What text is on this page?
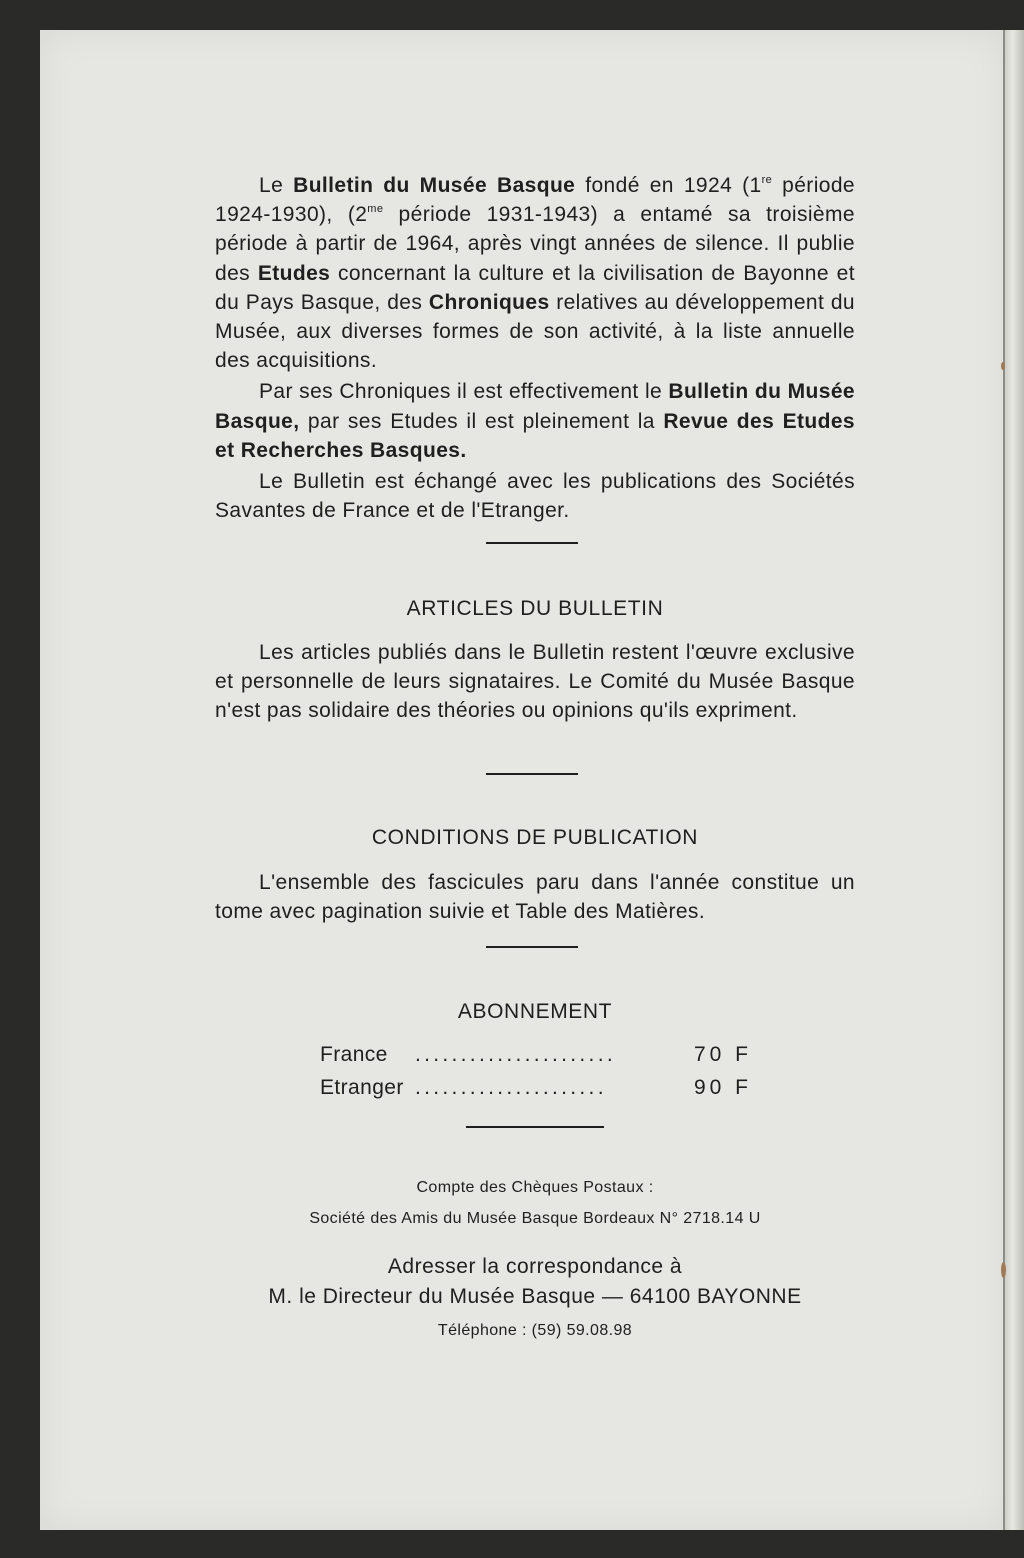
Le Bulletin du Musée Basque fondé en 1924 (1re période 1924-1930), ($2^{me}$ période 1931-1943) a entamé sa troisième période à partir de 1964, après vingt années de silence. Il publie des Etudes concernant la culture et la civilisation de Bayonne et du Pays Basque, des Chroniques relatives au développement du Musée, aux diverses formes de son activité, à la liste annuelle des acquisitions.

Par ses Chroniques il est effectivement le Bulletin du Musée Basque, par ses Etudes il est pleinement la Revue des Etudes et Recherches Basques.

Le Bulletin est échangé avec les publications des Sociétés Savantes de France et de l'Etranger.

ARTICLES DU BULLETIN

Les articles publiés dans le Bulletin restent l'œuvre exclusive et personnelle de leurs signataires. Le Comité du Musée Basque n'est pas solidaire des théories ou opinions qu'ils expriment.

CONDITIONS DE PUBLICATION

L'ensemble des fascicules paru dans l'année constitue un tome avec pagination suivie et Table des Matières.

ABONNEMENT
France ......................	70 F
Etranger .....................	90 F
Compte des Chèques Postaux :
Société des Amis du Musée Basque Bordeaux N° 2718.14 U
Adresser la correspondance à
M. le Directeur du Musée Basque — 64100 BAYONNE
Téléphone : (59) 59.08.98
